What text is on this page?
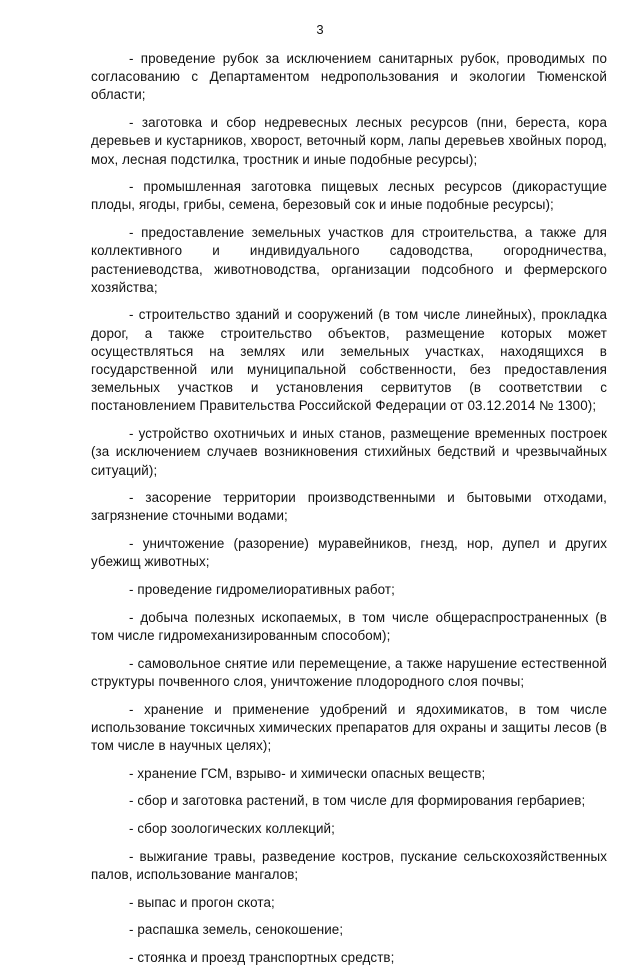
3

- проведение рубок за исключением санитарных рубок, проводимых по согласованию с Департаментом недропользования и экологии Тюменской области;

- заготовка и сбор недревесных лесных ресурсов (пни, береста, кора деревьев и кустарников, хворост, веточный корм, лапы деревьев хвойных пород, мох, лесная подстилка, тростник и иные подобные ресурсы);

- промышленная заготовка пищевых лесных ресурсов (дикорастущие плоды, ягоды, грибы, семена, березовый сок и иные подобные ресурсы);

- предоставление земельных участков для строительства, а также для коллективного и индивидуального садоводства, огородничества, растениеводства, животноводства, организации подсобного и фермерского хозяйства;

- строительство зданий и сооружений (в том числе линейных), прокладка дорог, а также строительство объектов, размещение которых может осуществляться на землях или земельных участках, находящихся в государственной или муниципальной собственности, без предоставления земельных участков и установления сервитутов (в соответствии с постановлением Правительства Российской Федерации от 03.12.2014 № 1300);

- устройство охотничьих и иных станов, размещение временных построек (за исключением случаев возникновения стихийных бедствий и чрезвычайных ситуаций);

- засорение территории производственными и бытовыми отходами, загрязнение сточными водами;

- уничтожение (разорение) муравейников, гнезд, нор, дупел и других убежищ животных;

- проведение гидромелиоративных работ;

- добыча полезных ископаемых, в том числе общераспространенных (в том числе гидромеханизированным способом);

- самовольное снятие или перемещение, а также нарушение естественной структуры почвенного слоя, уничтожение плодородного слоя почвы;

- хранение и применение удобрений и ядохимикатов, в том числе использование токсичных химических препаратов для охраны и защиты лесов (в том числе в научных целях);

- хранение ГСМ, взрыво- и химически опасных веществ;

- сбор и заготовка растений, в том числе для формирования гербариев;

- сбор зоологических коллекций;

- выжигание травы, разведение костров, пускание сельскохозяйственных палов, использование мангалов;

- выпас и прогон скота;

- распашка земель, сенокошение;

- стоянка и проезд транспортных средств;
